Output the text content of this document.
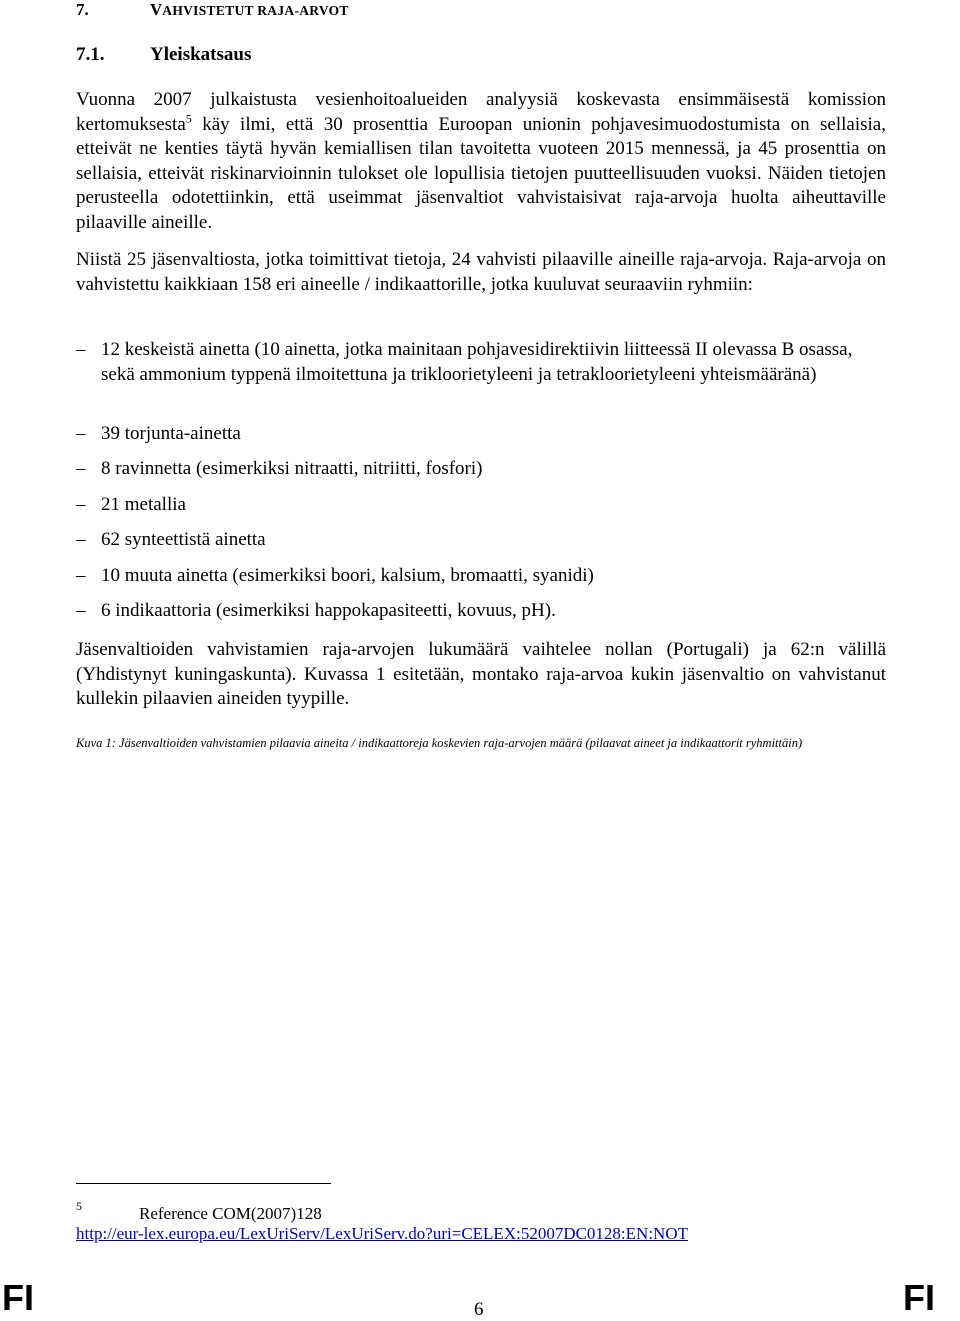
7.	VAHVISTETUT RAJA-ARVOT
7.1. Yleiskatsaus
Vuonna 2007 julkaistusta vesienhoitoalueiden analyysiä koskevasta ensimmäisestä komission kertomuksesta$^5$ käy ilmi, että 30 prosenttia Euroopan unionin pohjavesimuodostumista on sellaisia, etteivät ne kenties täytä hyvän kemiallisen tilan tavoitetta vuoteen 2015 mennessä, ja 45 prosenttia on sellaisia, etteivät riskinarvioinnin tulokset ole lopullisia tietojen puutteellisuuden vuoksi. Näiden tietojen perusteella odotettiinkin, että useimmat jäsenvaltiot vahvistaisivat raja-arvoja huolta aiheuttaville pilaaville aineille.
Niistä 25 jäsenvaltiosta, jotka toimittivat tietoja, 24 vahvisti pilaaville aineille raja-arvoja. Raja-arvoja on vahvistettu kaikkiaan 158 eri aineelle / indikaattorille, jotka kuuluvat seuraaviin ryhmiin:
– 12 keskeistä ainetta (10 ainetta, jotka mainitaan pohjavesidirektiivin liitteessä II olevassa B osassa, sekä ammonium typpenä ilmoitettuna ja trikloorietyleeni ja tetrakloorietyleeni yhteismääränä)
– 39 torjunta-ainetta
– 8 ravinnetta (esimerkiksi nitraatti, nitriitti, fosfori)
– 21 metallia
– 62 synteettistä ainetta
– 10 muuta ainetta (esimerkiksi boori, kalsium, bromaatti, syanidi)
– 6 indikaattoria (esimerkiksi happokapasiteetti, kovuus, pH).
Jäsenvaltioiden vahvistamien raja-arvojen lukumäärä vaihtelee nollan (Portugali) ja 62:n välillä (Yhdistynyt kuningaskunta). Kuvassa 1 esitetään, montako raja-arvoa kukin jäsenvaltio on vahvistanut kullekin pilaavien aineiden tyypille.
Kuva 1: Jäsenvaltioiden vahvistamien pilaavia aineita / indikaattoreja koskevien raja-arvojen määrä (pilaavat aineet ja indikaattorit ryhmittäin)
5	Reference COM(2007)128
http://eur-lex.europa.eu/LexUriServ/LexUriServ.do?uri=CELEX:52007DC0128:EN:NOT
FI	6	FI
